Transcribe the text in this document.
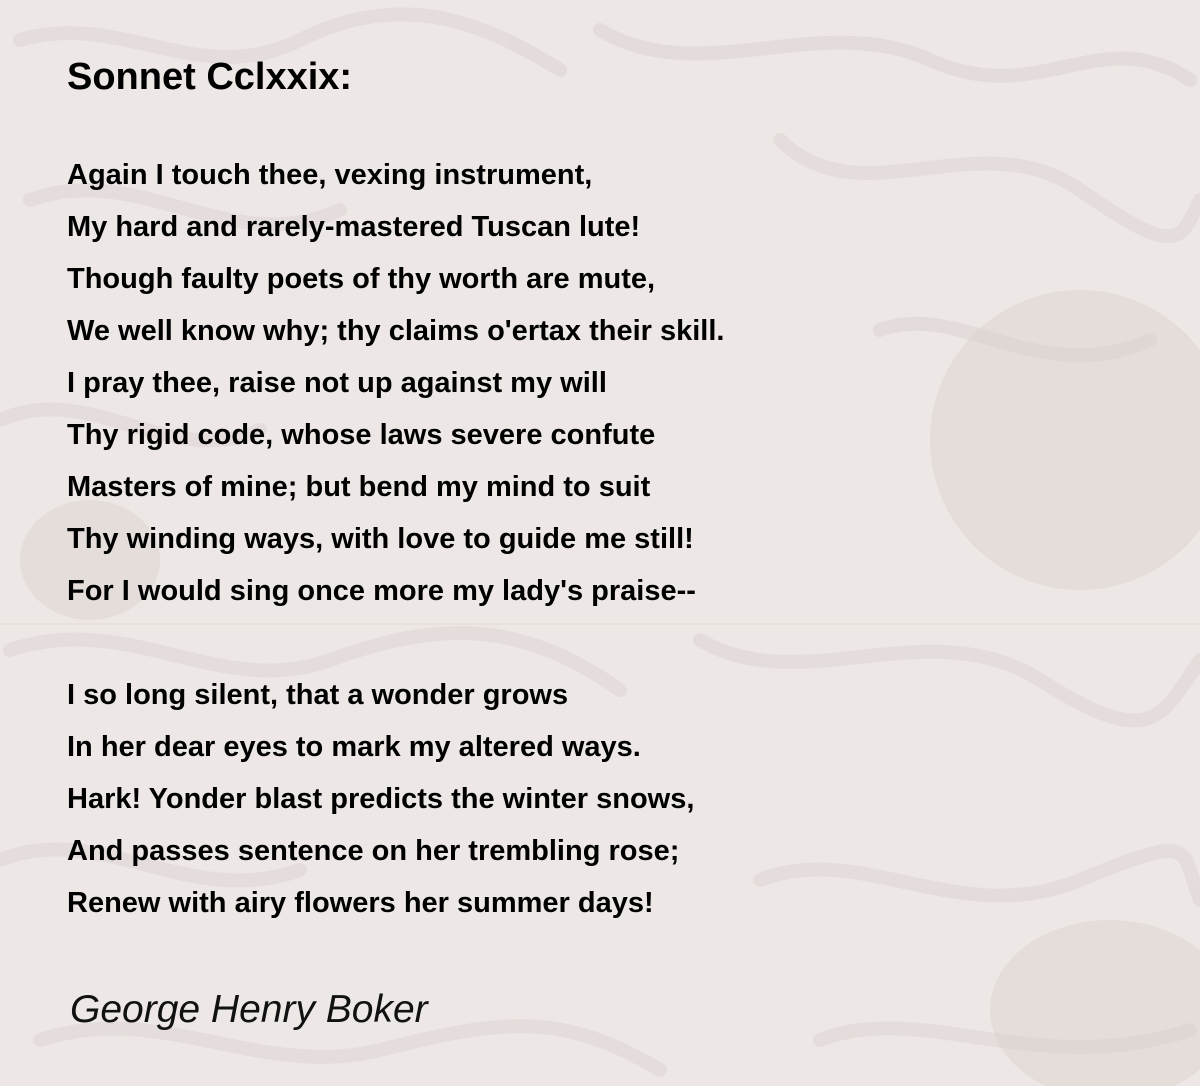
Sonnet Cclxxix:
Again I touch thee, vexing instrument,
My hard and rarely-mastered Tuscan lute!
Though faulty poets of thy worth are mute,
We well know why; thy claims o'ertax their skill.
I pray thee, raise not up against my will
Thy rigid code, whose laws severe confute
Masters of mine; but bend my mind to suit
Thy winding ways, with love to guide me still!
For I would sing once more my lady's praise--
I so long silent, that a wonder grows
In her dear eyes to mark my altered ways.
Hark! Yonder blast predicts the winter snows,
And passes sentence on her trembling rose;
Renew with airy flowers her summer days!

George Henry Boker
